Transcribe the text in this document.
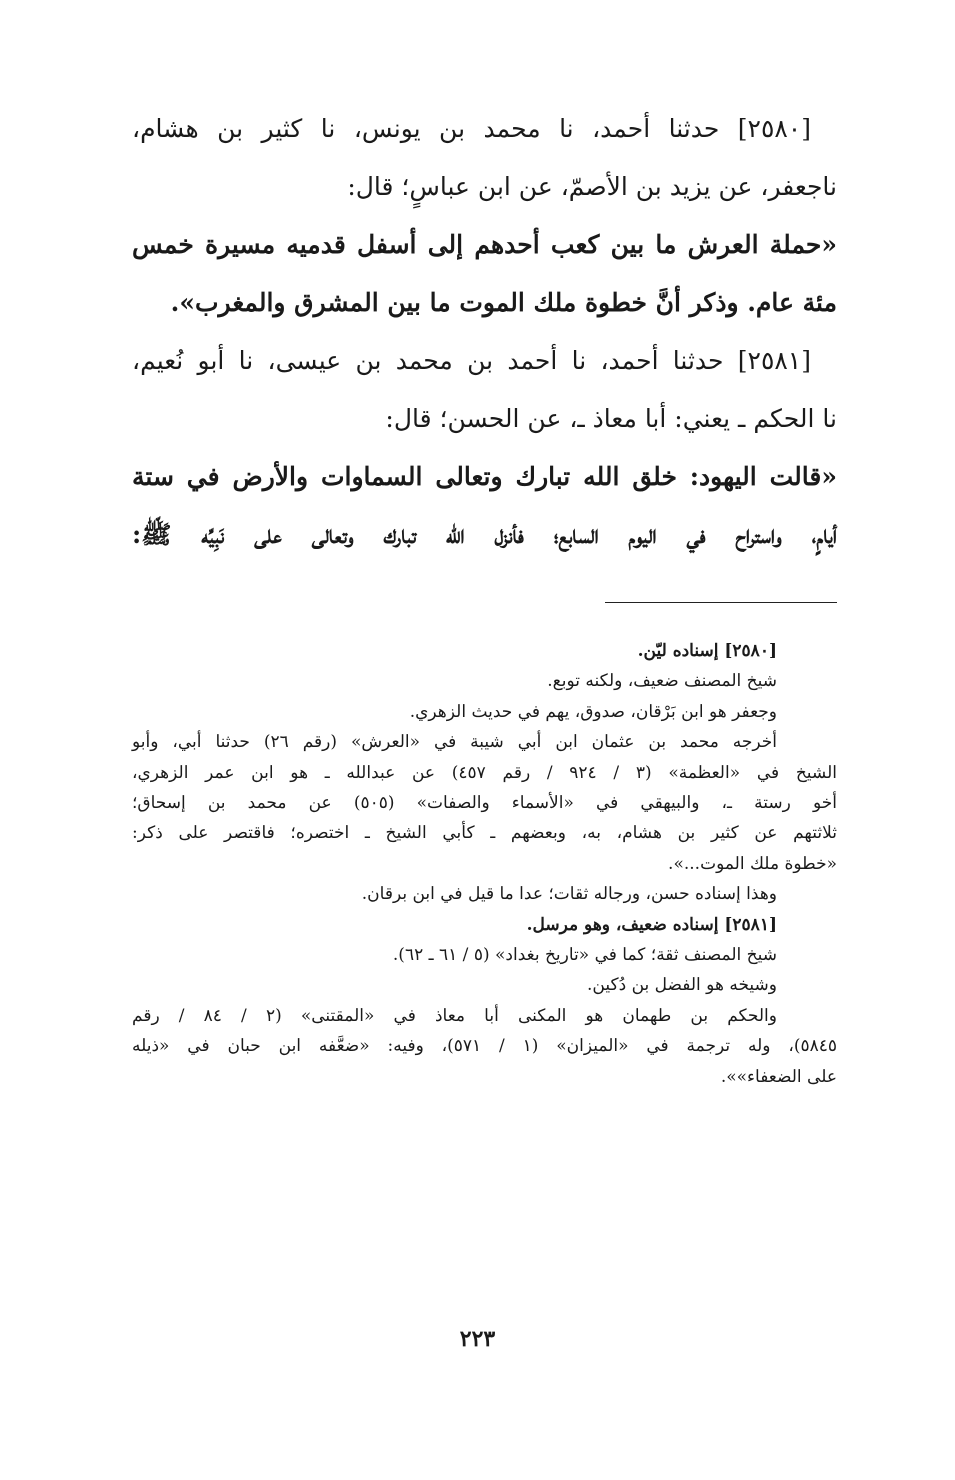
[٢٥٨٠] حدثنا أحمد، نا محمد بن يونس، نا كثير بن هشام،
ناجعفر، عن يزيد بن الأصمّ، عن ابن عباسٍ؛ قال:
«حملة العرش ما بين كعب أحدهم إلى أسفل قدميه مسيرة خمس
مئة عام. وذكر أنَّ خطوة ملك الموت ما بين المشرق والمغرب».
[٢٥٨١] حدثنا أحمد، نا أحمد بن محمد بن عيسى، نا أبو نُعيم،
نا الحكم ـ يعني: أبا معاذ ـ، عن الحسن؛ قال:
«قالت اليهود: خلق الله تبارك وتعالى السماوات والأرض في ستة
أيامٍ، واستراح في اليوم السابع؛ فأنزل الله تبارك وتعالى على نَبِيِّه ﷺ:
[٢٥٨٠] إسناده ليّن.
شيخ المصنف ضعيف، ولكنه توبع.
وجعفر هو ابن بَرْقان، صدوق، يهم في حديث الزهري.
أخرجه محمد بن عثمان ابن أبي شيبة في «العرش» (رقم ٢٦) حدثنا أبي، وأبو
الشيخ في «العظمة» (٣ / ٩٢٤ / رقم ٤٥٧) عن عبدالله ـ هو ابن عمر الزهري،
أخو رستة ـ، والبيهقي في «الأسماء والصفات» (٥٠٥) عن محمد بن إسحاق؛
ثلاثتهم عن كثير بن هشام، به، وبعضهم ـ كأبي الشيخ ـ اختصره؛ فاقتصر على ذكر:
«خطوة ملك الموت...».
وهذا إسناده حسن، ورجاله ثقات؛ عدا ما قيل في ابن برقان.
[٢٥٨١] إسناده ضعيف، وهو مرسل.
شيخ المصنف ثقة؛ كما في «تاريخ بغداد» (٥ / ٦١ ـ ٦٢).
وشيخه هو الفضل بن دُكين.
والحكم بن طهمان هو المكنى أبا معاذ في «المقتنى» (٢ / ٨٤ / رقم
٥٨٤٥)، وله ترجمة في «الميزان» (١ / ٥٧١)، وفيه: «ضعَّفه ابن حبان في «ذيله
على الضعفاء»».
٢٢٣
